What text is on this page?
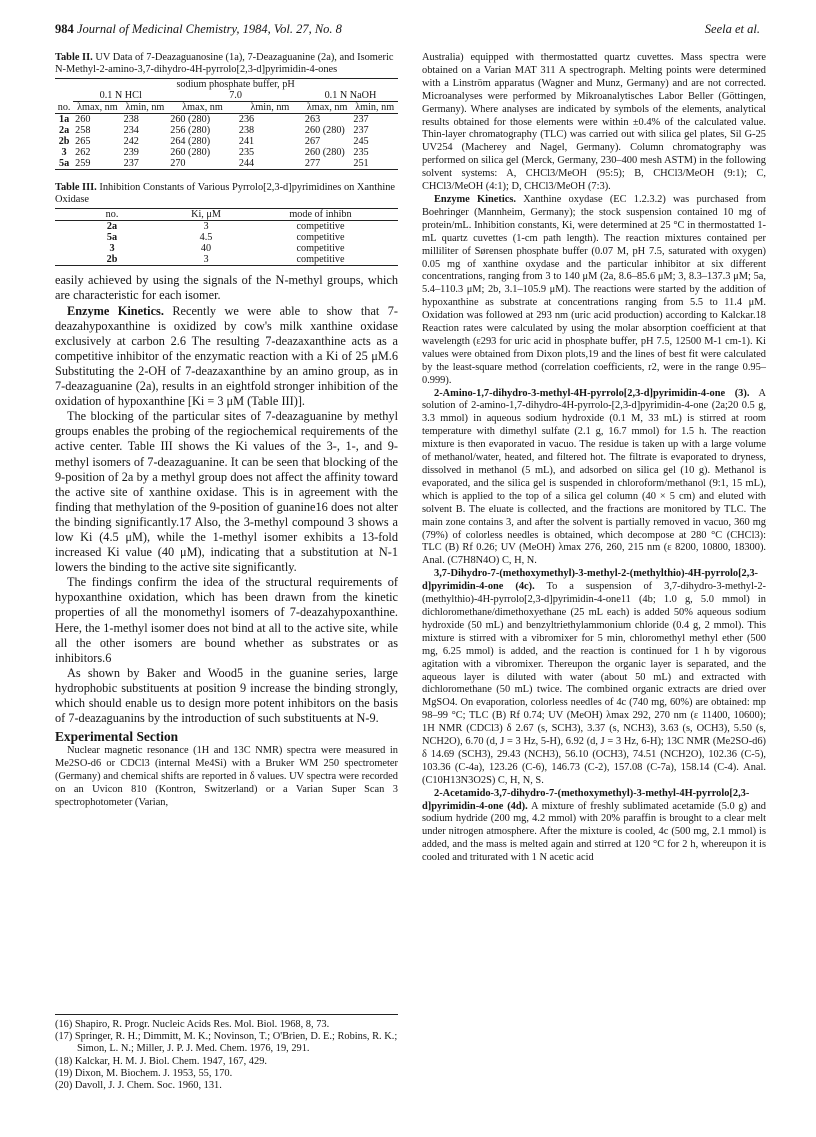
984 Journal of Medicinal Chemistry, 1984, Vol. 27, No. 8	Seela et al.
Table II. UV Data of 7-Deazaguanosine (1a), 7-Deazaguanine (2a), and Isomeric N-Methyl-2-amino-3,7-dihydro-4H-pyrrolo[2,3-d]pyrimidin-4-ones
	0.1 N HCl		sodium phosphate buffer, pH 7.0		0.1 N NaOH	
no.	λmax, nm	λmin, nm	λmax, nm	λmin, nm	λmax, nm	λmin, nm
1a	260	238	260 (280)	236	263	237
2a	258	234	256 (280)	238	260 (280)	237
2b	265	242	264 (280)	241	267	245
3	262	239	260 (280)	235	260 (280)	235
5a	259	237	270	244	277	251
Table III. Inhibition Constants of Various Pyrrolo[2,3-d]pyrimidines on Xanthine Oxidase
no.	Ki, μM	mode of inhibn
2a	3	competitive
5a	4.5	competitive
3	40	competitive
2b	3	competitive

easily achieved by using the signals of the N-methyl groups, which are characteristic for each isomer.

Enzyme Kinetics. Recently we were able to show that 7-deazahypoxanthine is oxidized by cow's milk xanthine oxidase exclusively at carbon 2.6 The resulting 7-deazaxanthine acts as a competitive inhibitor of the enzymatic reaction with a Ki of 25 μM.6 Substituting the 2-OH of 7-deazaxanthine by an amino group, as in 7-deazaguanine (2a), results in an eightfold stronger inhibition of the oxidation of hypoxanthine [Ki = 3 μM (Table III)].

The blocking of the particular sites of 7-deazaguanine by methyl groups enables the probing of the regiochemical requirements of the active center. Table III shows the Ki values of the 3-, 1-, and 9-methyl isomers of 7-deazaguanine. It can be seen that blocking of the 9-position of 2a by a methyl group does not affect the affinity toward the active site of xanthine oxidase. This is in agreement with the finding that methylation of the 9-position of guanine16 does not alter the binding significantly.17 Also, the 3-methyl compound 3 shows a low Ki (4.5 μM), while the 1-methyl isomer exhibits a 13-fold increased Ki value (40 μM), indicating that a substitution at N-1 lowers the binding to the active site significantly.

The findings confirm the idea of the structural requirements of hypoxanthine oxidation, which has been drawn from the kinetic properties of all the monomethyl isomers of 7-deazahypoxanthine. Here, the 1-methyl isomer does not bind at all to the active site, while all the other isomers are bound whether as substrates or as inhibitors.6

As shown by Baker and Wood5 in the guanine series, large hydrophobic substituents at position 9 increase the binding strongly, which should enable us to design more potent inhibitors on the basis of 7-deazaguanins by the introduction of such substituents at N-9.

Experimental Section

Nuclear magnetic resonance (1H and 13C NMR) spectra were measured in Me2SO-d6 or CDCl3 (internal Me4Si) with a Bruker WM 250 spectrometer (Germany) and chemical shifts are reported in δ values. UV spectra were recorded on an Uvicon 810 (Kontron, Switzerland) or a Varian Super Scan 3 spectrophotometer (Varian,

(16) Shapiro, R. Progr. Nucleic Acids Res. Mol. Biol. 1968, 8, 73.

(17) Springer, R. H.; Dimmitt, M. K.; Novinson, T.; O'Brien, D. E.; Robins, R. K.; Simon, L. N.; Miller, J. P. J. Med. Chem. 1976, 19, 291.

(18) Kalckar, H. M. J. Biol. Chem. 1947, 167, 429.

(19) Dixon, M. Biochem. J. 1953, 55, 170.

(20) Davoll, J. J. Chem. Soc. 1960, 131.

Australia) equipped with thermostatted quartz cuvettes. Mass spectra were obtained on a Varian MAT 311 A spectrograph. Melting points were determined with a Linström apparatus (Wagner and Munz, Germany) and are not corrected. Microanalyses were performed by Mikroanalytisches Labor Beller (Göttingen, Germany). Where analyses are indicated by symbols of the elements, analytical results obtained for those elements were within ±0.4% of the calculated value. Thin-layer chromatography (TLC) was carried out with silica gel plates, Sil G-25 UV254 (Macherey and Nagel, Germany). Column chromatography was performed on silica gel (Merck, Germany, 230–400 mesh ASTM) in the following solvent systems: A, CHCl3/MeOH (95:5); B, CHCl3/MeOH (9:1); C, CHCl3/MeOH (4:1); D, CHCl3/MeOH (7:3).

Enzyme Kinetics. Xanthine oxydase (EC 1.2.3.2) was purchased from Boehringer (Mannheim, Germany); the stock suspension contained 10 mg of protein/mL. Inhibition constants, Ki, were determined at 25 °C in thermostatted 1-mL quartz cuvettes (1-cm path length). The reaction mixtures contained per milliliter of Sørensen phosphate buffer (0.07 M, pH 7.5, saturated with oxygen) 0.05 mg of xanthine oxydase and the particular inhibitor at six different concentrations, ranging from 3 to 140 μM (2a, 8.6–85.6 μM; 3, 8.3–137.3 μM; 5a, 5.4–110.3 μM; 2b, 3.1–105.9 μM). The reactions were started by the addition of hypoxanthine as substrate at concentrations ranging from 5.5 to 11.4 μM. Oxidation was followed at 293 nm (uric acid production) according to Kalckar.18 Reaction rates were calculated by using the molar absorption coefficient at that wavelength (ε293 for uric acid in phosphate buffer, pH 7.5, 12500 M-1 cm-1). Ki values were obtained from Dixon plots,19 and the lines of best fit were calculated by the least-square method (correlation coefficients, r2, were in the range 0.95–0.999).

2-Amino-1,7-dihydro-3-methyl-4H-pyrrolo[2,3-d]pyrimidin-4-one (3). A solution of 2-amino-1,7-dihydro-4H-pyrrolo-[2,3-d]pyrimidin-4-one (2a;20 0.5 g, 3.3 mmol) in aqueous sodium hydroxide (0.1 M, 33 mL) is stirred at room temperature with dimethyl sulfate (2.1 g, 16.7 mmol) for 1.5 h. The reaction mixture is then evaporated in vacuo. The residue is taken up with a large volume of methanol/water, heated, and filtered hot. The filtrate is evaporated to dryness, dissolved in methanol (5 mL), and adsorbed on silica gel (10 g). Methanol is evaporated, and the silica gel is suspended in chloroform/methanol (9:1, 15 mL), which is applied to the top of a silica gel column (40 × 5 cm) and eluted with solvent B. The eluate is collected, and the fractions are monitored by TLC. The main zone contains 3, and after the solvent is partially removed in vacuo, 360 mg (79%) of colorless needles is obtained, which decompose at 280 °C (CHCl3): TLC (B) Rf 0.26; UV (MeOH) λmax 276, 260, 215 nm (ε 8200, 10800, 18300). Anal. (C7H8N4O) C, H, N.

3,7-Dihydro-7-(methoxymethyl)-3-methyl-2-(methylthio)-4H-pyrrolo[2,3-d]pyrimidin-4-one (4c). To a suspension of 3,7-dihydro-3-methyl-2-(methylthio)-4H-pyrrolo[2,3-d]pyrimidin-4-one11 (4b; 1.0 g, 5.0 mmol) in dichloromethane/dimethoxyethane (25 mL each) is added 50% aqueous sodium hydroxide (50 mL) and benzyltriethylammonium chloride (0.4 g, 2 mmol). This mixture is stirred with a vibromixer for 5 min, chloromethyl methyl ether (500 mg, 6.25 mmol) is added, and the reaction is continued for 1 h by vigorous agitation with a vibromixer. Thereupon the organic layer is separated, and the aqueous layer is diluted with water (about 50 mL) and extracted with dichloromethane (50 mL) twice. The combined organic extracts are dried over MgSO4. On evaporation, colorless needles of 4c (740 mg, 60%) are obtained: mp 98–99 °C; TLC (B) Rf 0.74; UV (MeOH) λmax 292, 270 nm (ε 11400, 10600); 1H NMR (CDCl3) δ 2.67 (s, SCH3), 3.37 (s, NCH3), 3.63 (s, OCH3), 5.50 (s, NCH2O), 6.70 (d, J = 3 Hz, 5-H), 6.92 (d, J = 3 Hz, 6-H); 13C NMR (Me2SO-d6) δ 14.69 (SCH3), 29.43 (NCH3), 56.10 (OCH3), 74.51 (NCH2O), 102.36 (C-5), 103.36 (C-4a), 123.26 (C-6), 146.73 (C-2), 157.08 (C-7a), 158.14 (C-4). Anal. (C10H13N3O2S) C, H, N, S.

2-Acetamido-3,7-dihydro-7-(methoxymethyl)-3-methyl-4H-pyrrolo[2,3-d]pyrimidin-4-one (4d). A mixture of freshly sublimated acetamide (5.0 g) and sodium hydride (200 mg, 4.2 mmol) with 20% paraffin is brought to a clear melt under nitrogen atmosphere. After the mixture is cooled, 4c (500 mg, 2.1 mmol) is added, and the mass is melted again and stirred at 120 °C for 2 h, whereupon it is cooled and triturated with 1 N acetic acid
